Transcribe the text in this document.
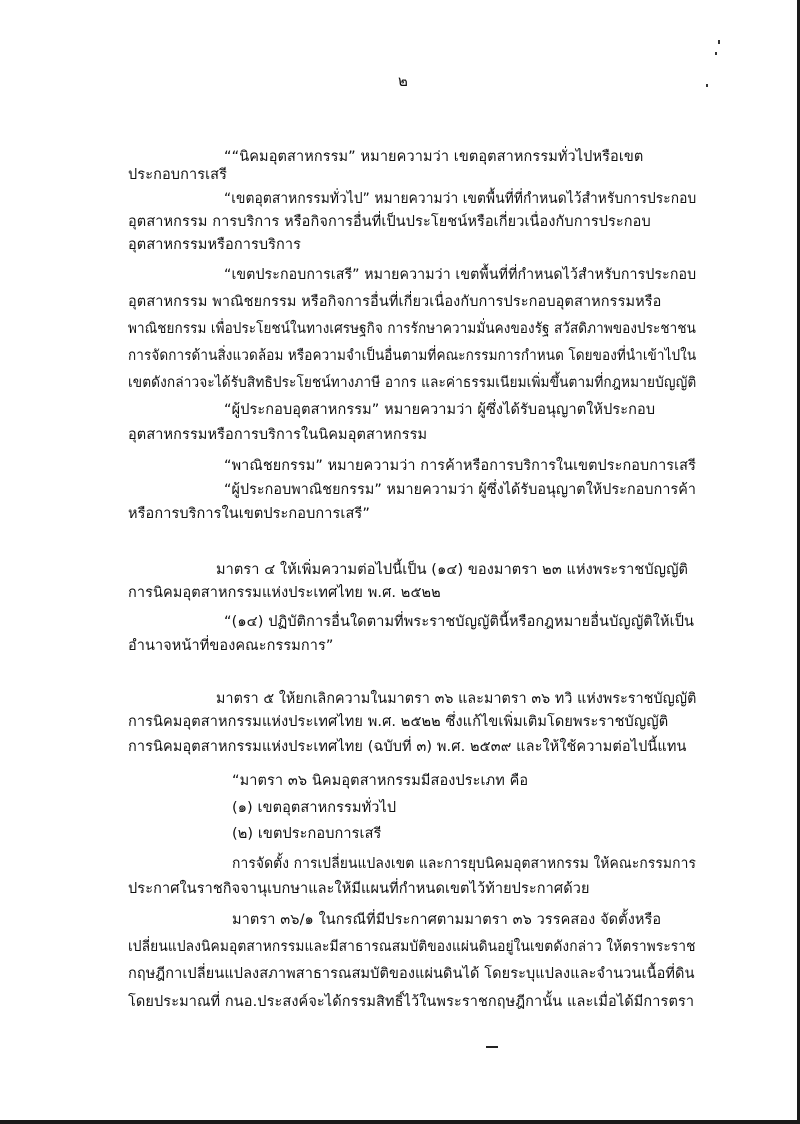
๒
““นิคมอุตสาหกรรม” หมายความว่า เขตอุตสาหกรรมทั่วไปหรือเขต
ประกอบการเสรี
“เขตอุตสาหกรรมทั่วไป” หมายความว่า เขตพื้นที่ที่กำหนดไว้สำหรับการประกอบ
อุตสาหกรรม การบริการ หรือกิจการอื่นที่เป็นประโยชน์หรือเกี่ยวเนื่องกับการประกอบ
อุตสาหกรรมหรือการบริการ
“เขตประกอบการเสรี” หมายความว่า เขตพื้นที่ที่กำหนดไว้สำหรับการประกอบ
อุตสาหกรรม พาณิชยกรรม หรือกิจการอื่นที่เกี่ยวเนื่องกับการประกอบอุตสาหกรรมหรือ
พาณิชยกรรม เพื่อประโยชน์ในทางเศรษฐกิจ การรักษาความมั่นคงของรัฐ สวัสดิภาพของประชาชน
การจัดการด้านสิ่งแวดล้อม หรือความจำเป็นอื่นตามที่คณะกรรมการกำหนด โดยของที่นำเข้าไปใน
เขตดังกล่าวจะได้รับสิทธิประโยชน์ทางภาษี อากร และค่าธรรมเนียมเพิ่มขึ้นตามที่กฎหมายบัญญัติ
“ผู้ประกอบอุตสาหกรรม” หมายความว่า ผู้ซึ่งได้รับอนุญาตให้ประกอบ
อุตสาหกรรมหรือการบริการในนิคมอุตสาหกรรม
“พาณิชยกรรม” หมายความว่า การค้าหรือการบริการในเขตประกอบการเสรี
“ผู้ประกอบพาณิชยกรรม” หมายความว่า ผู้ซึ่งได้รับอนุญาตให้ประกอบการค้า
หรือการบริการในเขตประกอบการเสรี”
มาตรา ๔ ให้เพิ่มความต่อไปนี้เป็น (๑๔) ของมาตรา ๒๓ แห่งพระราชบัญญัติ
การนิคมอุตสาหกรรมแห่งประเทศไทย พ.ศ. ๒๕๒๒
“(๑๔) ปฏิบัติการอื่นใดตามที่พระราชบัญญัตินี้หรือกฎหมายอื่นบัญญัติให้เป็น
อำนาจหน้าที่ของคณะกรรมการ”
มาตรา ๕ ให้ยกเลิกความในมาตรา ๓๖ และมาตรา ๓๖ ทวิ แห่งพระราชบัญญัติ
การนิคมอุตสาหกรรมแห่งประเทศไทย พ.ศ. ๒๕๒๒ ซึ่งแก้ไขเพิ่มเติมโดยพระราชบัญญัติ
การนิคมอุตสาหกรรมแห่งประเทศไทย (ฉบับที่ ๓) พ.ศ. ๒๕๓๙ และให้ใช้ความต่อไปนี้แทน
“มาตรา ๓๖ นิคมอุตสาหกรรมมีสองประเภท คือ
(๑) เขตอุตสาหกรรมทั่วไป
(๒) เขตประกอบการเสรี
การจัดตั้ง การเปลี่ยนแปลงเขต และการยุบนิคมอุตสาหกรรม ให้คณะกรรมการ
ประกาศในราชกิจจานุเบกษาและให้มีแผนที่กำหนดเขตไว้ท้ายประกาศด้วย
มาตรา ๓๖/๑ ในกรณีที่มีประกาศตามมาตรา ๓๖ วรรคสอง จัดตั้งหรือ
เปลี่ยนแปลงนิคมอุตสาหกรรมและมีสาธารณสมบัติของแผ่นดินอยู่ในเขตดังกล่าว ให้ตราพระราช
กฤษฎีกาเปลี่ยนแปลงสภาพสาธารณสมบัติของแผ่นดินได้ โดยระบุแปลงและจำนวนเนื้อที่ดิน
โดยประมาณที่ กนอ.ประสงค์จะได้กรรมสิทธิ์ไว้ในพระราชกฤษฎีกานั้น และเมื่อได้มีการตรา
